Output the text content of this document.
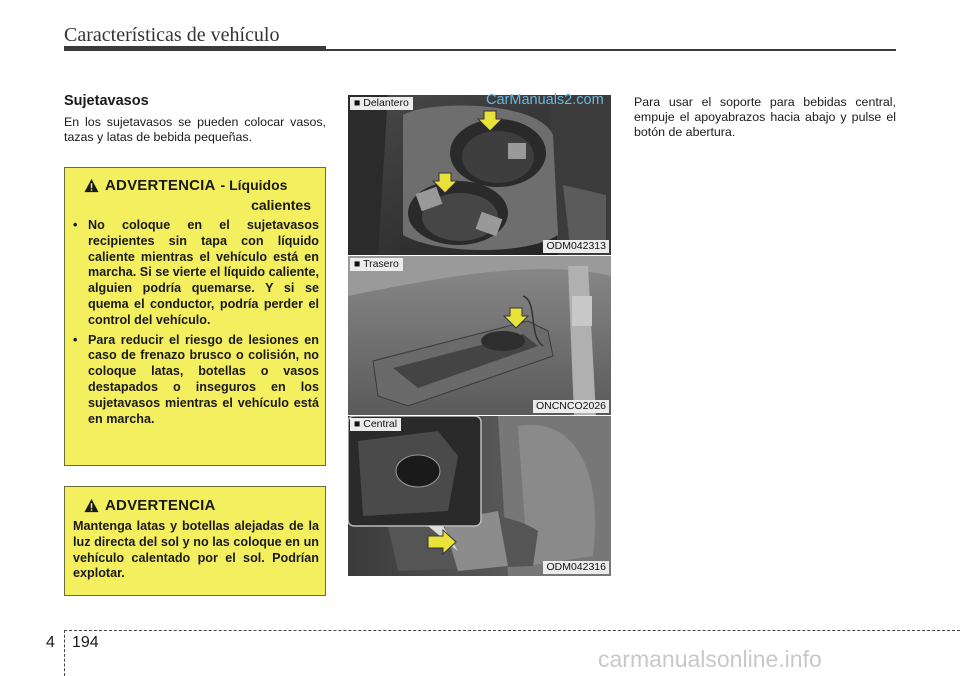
Características de vehículo
Sujetavasos
En los sujetavasos se pueden colocar vasos, tazas y latas de bebida pequeñas.
ADVERTENCIA - Líquidos
calientes
• No coloque en el sujetavasos recipientes sin tapa con líquido caliente mientras el vehículo está en marcha. Si se vierte el líquido caliente, alguien podría quemarse. Y si se quema el conductor, podría perder el control del vehículo.
• Para reducir el riesgo de lesiones en caso de frenazo brusco o colisión, no coloque latas, botellas o vasos destapados o inseguros en los sujetavasos mientras el vehículo está en marcha.
ADVERTENCIA
Mantenga latas y botellas alejadas de la luz directa del sol y no las coloque en un vehículo calentado por el sol. Podrían explotar.
■ Delantero
ODM042313
■ Trasero
ONCNCO2026
■ Central
ODM042316
CarManuals2.com Para usar el soporte para bebidas central, empuje el apoyabrazos hacia abajo y pulse el botón de abertura.
4 194
carmanualsonline.info
